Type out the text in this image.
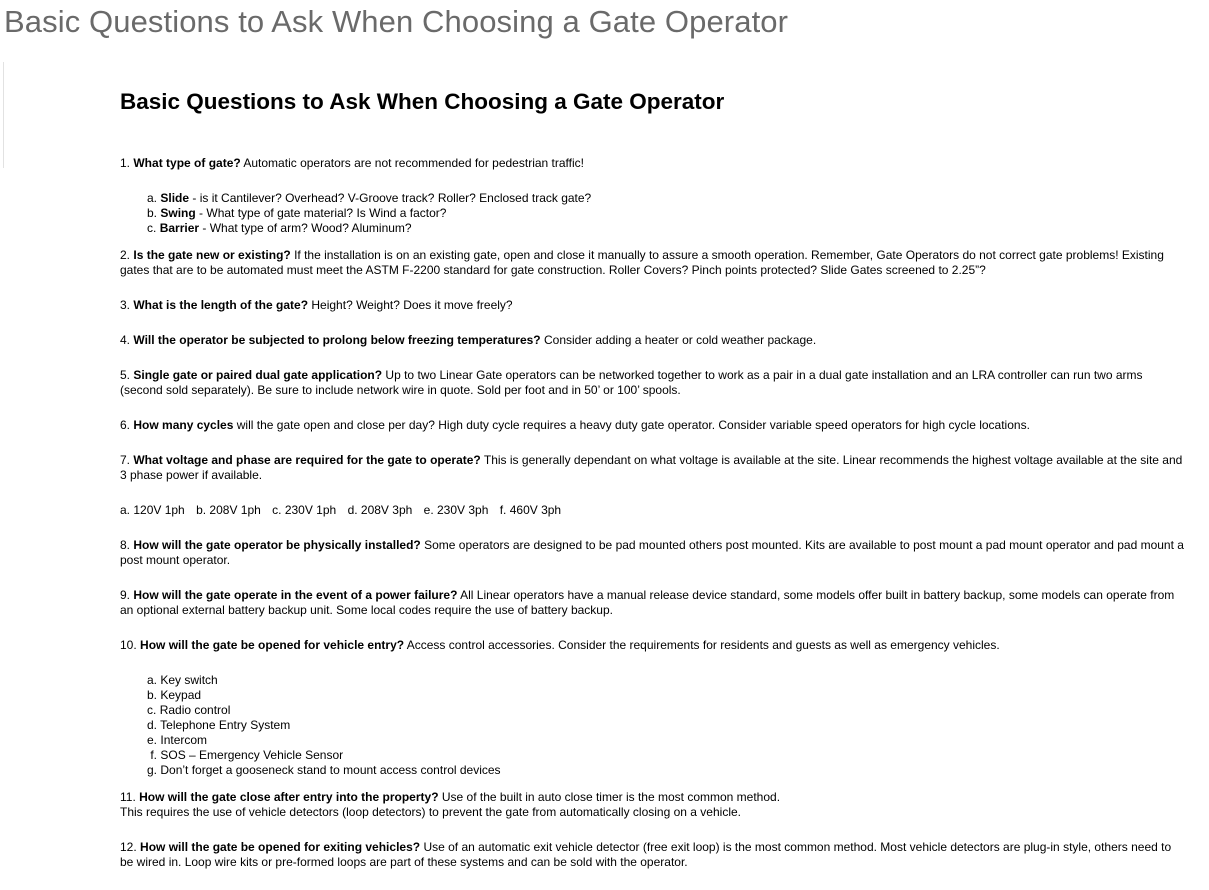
Basic Questions to Ask When Choosing a Gate Operator
Basic Questions to Ask When Choosing a Gate Operator

1. What type of gate? Automatic operators are not recommended for pedestrian traffic!

a. Slide - is it Cantilever? Overhead? V-Groove track? Roller? Enclosed track gate?
b. Swing - What type of gate material? Is Wind a factor?
c. Barrier - What type of arm? Wood? Aluminum?

2. Is the gate new or existing? If the installation is on an existing gate, open and close it manually to assure a smooth operation. Remember, Gate Operators do not correct gate problems! Existing gates that are to be automated must meet the ASTM F-2200 standard for gate construction. Roller Covers? Pinch points protected? Slide Gates screened to 2.25”?

3. What is the length of the gate? Height? Weight? Does it move freely?

4. Will the operator be subjected to prolong below freezing temperatures? Consider adding a heater or cold weather package.

5. Single gate or paired dual gate application? Up to two Linear Gate operators can be networked together to work as a pair in a dual gate installation and an LRA controller can run two arms (second sold separately). Be sure to include network wire in quote. Sold per foot and in 50’ or 100’ spools.

6. How many cycles will the gate open and close per day? High duty cycle requires a heavy duty gate operator. Consider variable speed operators for high cycle locations.

7. What voltage and phase are required for the gate to operate? This is generally dependant on what voltage is available at the site. Linear recommends the highest voltage available at the site and 3 phase power if available.

a. 120V 1ph b. 208V 1ph c. 230V 1ph d. 208V 3ph e. 230V 3ph f. 460V 3ph

8. How will the gate operator be physically installed? Some operators are designed to be pad mounted others post mounted. Kits are available to post mount a pad mount operator and pad mount a post mount operator.

9. How will the gate operate in the event of a power failure? All Linear operators have a manual release device standard, some models offer built in battery backup, some models can operate from an optional external battery backup unit. Some local codes require the use of battery backup.

10. How will the gate be opened for vehicle entry? Access control accessories. Consider the requirements for residents and guests as well as emergency vehicles.

a. Key switch
b. Keypad
c. Radio control
d. Telephone Entry System
e. Intercom
f. SOS – Emergency Vehicle Sensor
g. Don’t forget a gooseneck stand to mount access control devices

11. How will the gate close after entry into the property? Use of the built in auto close timer is the most common method.
This requires the use of vehicle detectors (loop detectors) to prevent the gate from automatically closing on a vehicle.

12. How will the gate be opened for exiting vehicles? Use of an automatic exit vehicle detector (free exit loop) is the most common method. Most vehicle detectors are plug-in style, others need to be wired in. Loop wire kits or pre-formed loops are part of these systems and can be sold with the operator.
